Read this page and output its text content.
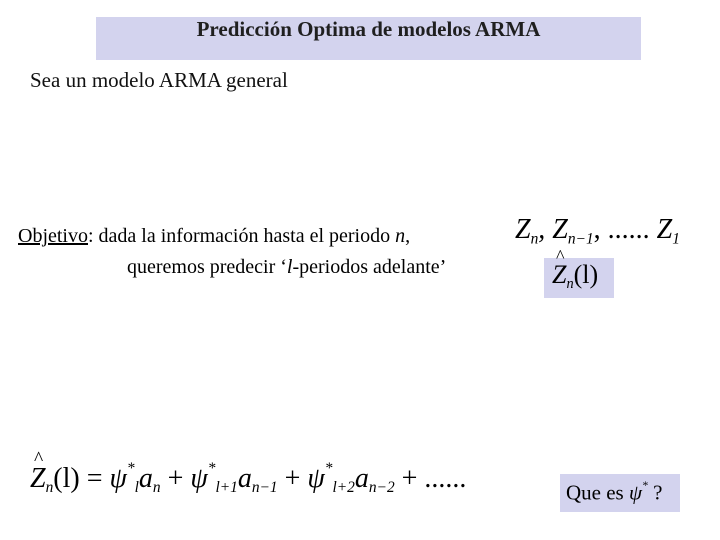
Predicción Optima de modelos ARMA
Sea un modelo ARMA general
Objetivo: dada la información hasta el periodo n,
queremos predecir ‘l-periodos adelante’
$Z_n$, $Z_{n-1}$, ...... $Z_1$
^ $Z_n(l)$
^ $Z_n(l) = \psi^*_la_n + \psi^*_{l+1}a_{n-1} + \psi^*_{l+2}a_{n-2}$ + ......	Que es ψ* ?
